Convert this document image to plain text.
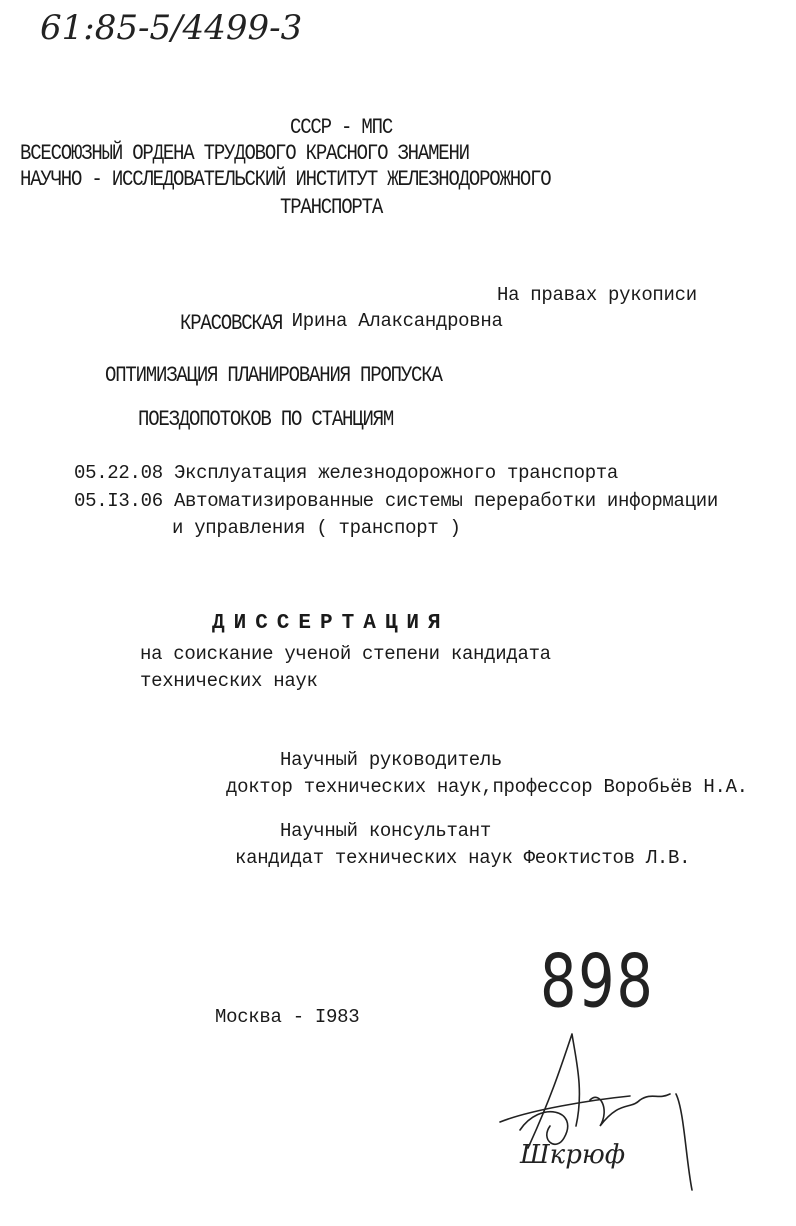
61:85-5/4499-3
СССР - МПС
ВСЕСОЮЗНЫЙ ОРДЕНА ТРУДОВОГО КРАСНОГО ЗНАМЕНИ
НАУЧНО - ИССЛЕДОВАТЕЛЬСКИЙ ИНСТИТУТ ЖЕЛЕЗНОДОРОЖНОГО
ТРАНСПОРТА
На правах рукописи
КРАСОВСКАЯ Ирина Алаксандровна
ОПТИМИЗАЦИЯ ПЛАНИРОВАНИЯ ПРОПУСКА
ПОЕЗДОПОТОКОВ ПО СТАНЦИЯМ
05.22.08 Эксплуатация железнодорожного транспорта
05.I3.06 Автоматизированные системы переработки информации
и управления ( транспорт )
ДИССЕРТАЦИЯ
на соискание ученой степени кандидата
технических наук
Научный руководитель
доктор технических наук,профессор Воробьёв Н.А.
Научный консультант
кандидат технических наук Феоктистов Л.В.
898
Москва - I983
Шкрюф
